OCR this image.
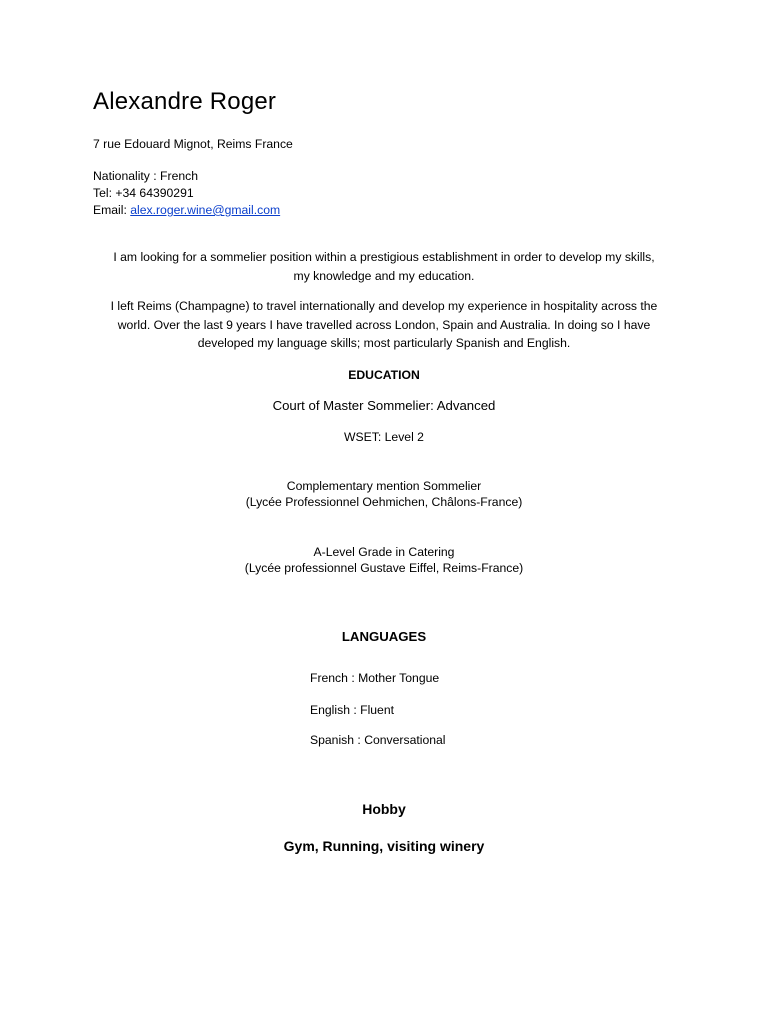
Alexandre Roger

7 rue Edouard Mignot, Reims France

Nationality : French

Tel: +34 64390291

Email: alex.roger.wine@gmail.com

I am looking for a sommelier position within a prestigious establishment in order to develop my skills, my knowledge and my education.

I left Reims (Champagne) to travel internationally and develop my experience in hospitality across the world. Over the last 9 years I have travelled across London, Spain and Australia. In doing so I have developed my language skills; most particularly Spanish and English.

EDUCATION

Court of Master Sommelier: Advanced

WSET: Level 2

Complementary mention Sommelier

(Lycée Professionnel Oehmichen, Châlons-France)

A-Level Grade in Catering

(Lycée professionnel Gustave Eiffel, Reims-France)

LANGUAGES

French : Mother Tongue

English : Fluent

Spanish : Conversational

Hobby

Gym, Running, visiting winery
